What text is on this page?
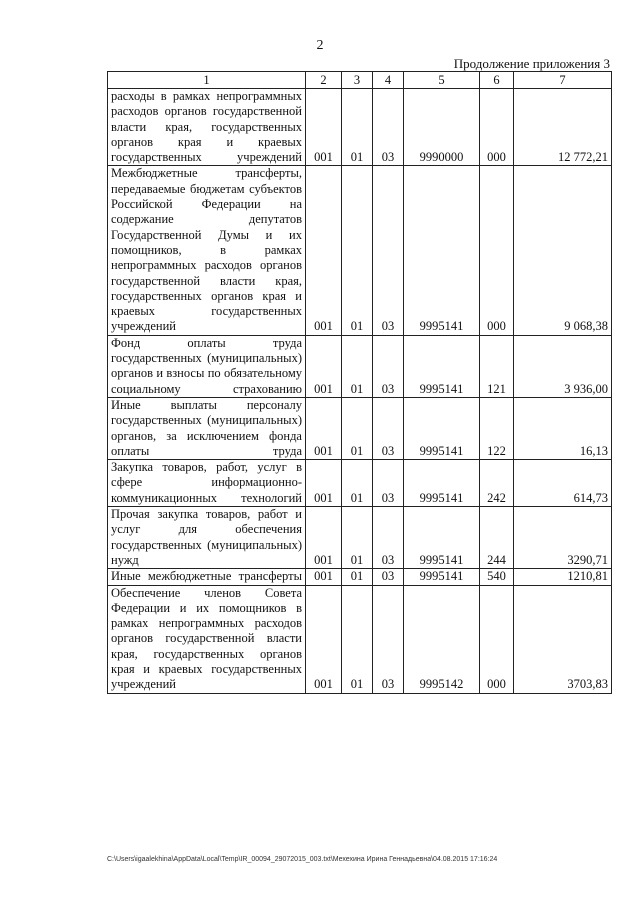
2
Продолжение приложения 3
1	2	3	4	5	6	7
расходы в рамках непрограммных расходов органов государственной власти края, государственных органов края и краевых государственных учреждений	001	01	03	9990000	000	12 772,21
Межбюджетные трансферты, передаваемые бюджетам субъектов Российской Федерации на содержание депутатов Государственной Думы и их помощников, в рамках непрограммных расходов органов государственной власти края, государственных органов края и краевых государственных учреждений	001	01	03	9995141	000	9 068,38
Фонд оплаты труда государственных (муниципальных) органов и взносы по обязательному социальному страхованию	001	01	03	9995141	121	3 936,00
Иные выплаты персоналу государственных (муниципальных) органов, за исключением фонда оплаты труда	001	01	03	9995141	122	16,13
Закупка товаров, работ, услуг в сфере информационно-коммуникационных технологий	001	01	03	9995141	242	614,73
Прочая закупка товаров, работ и услуг для обеспечения государственных (муниципальных) нужд	001	01	03	9995141	244	3290,71
Иные межбюджетные трансферты	001	01	03	9995141	540	1210,81
Обеспечение членов Совета Федерации и их помощников в рамках непрограммных расходов органов государственной власти края, государственных органов края и краевых государственных учреждений	001	01	03	9995142	000	3703,83
C:\Users\igaalekhina\AppData\Local\Temp\IR_00094_29072015_003.txt\Мехехина Ирина Геннадьевна\04.08.2015 17:16:24
